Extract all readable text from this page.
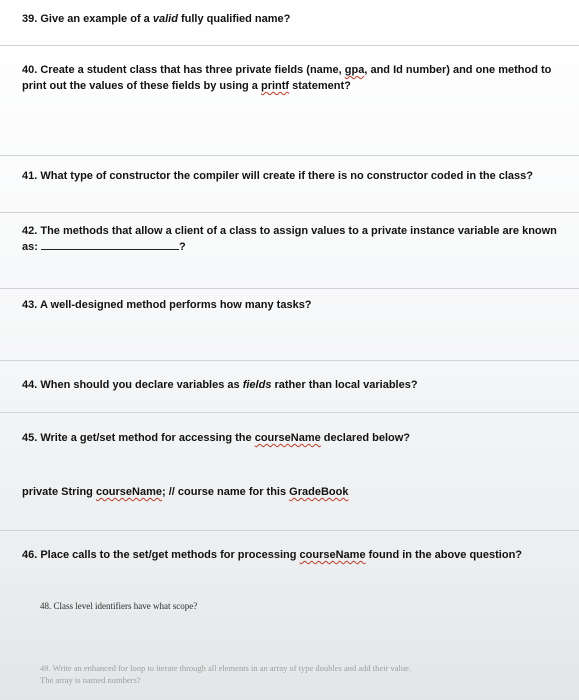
39. Give an example of a valid fully qualified name?
40. Create a student class that has three private fields (name, gpa, and Id number) and one method to print out the values of these fields by using a printf statement?
41. What type of constructor the compiler will create if there is no constructor coded in the class?
42. The methods that allow a client of a class to assign values to a private instance variable are known as:	?
43. A well-designed method performs how many tasks?
44. When should you declare variables as fields rather than local variables?
45. Write a get/set method for accessing the courseName declared below?
private String courseName; // course name for this GradeBook
46. Place calls to the set/get methods for processing courseName found in the above question?
48. Class level identifiers have what scope?
49. Write an enhanced for loop to iterate through all elements in an array of type doubles and add their value.
The array is named numbers?
